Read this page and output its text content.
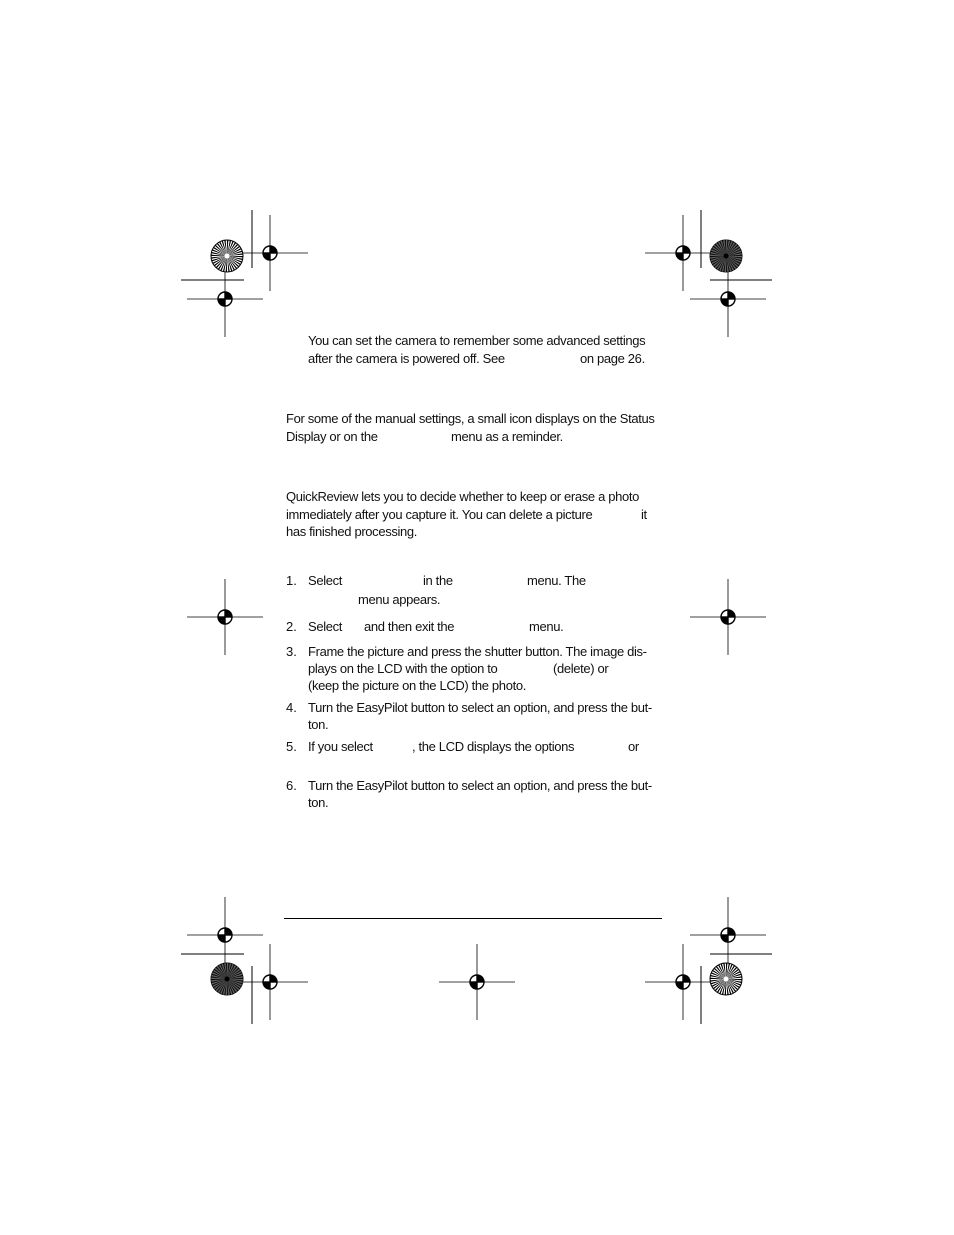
You can set the camera to remember some advanced settings
after the camera is powered off. See	on page 26.
For some of the manual settings, a small icon displays on the Status
Display or on the	menu as a reminder.
QuickReview lets you to decide whether to keep or erase a photo
immediately after you capture it. You can delete a picture	it
has finished processing.
1. Select	in the	menu. The
menu appears.
2. Select and then exit the	menu.
3. Frame the picture and press the shutter button. The image dis-
plays on the LCD with the option to	(delete) or
(keep the picture on the LCD) the photo.
4. Turn the EasyPilot button to select an option, and press the but-
ton.
5. If you select	, the LCD displays the options	or
6. Turn the EasyPilot button to select an option, and press the but-
ton.
